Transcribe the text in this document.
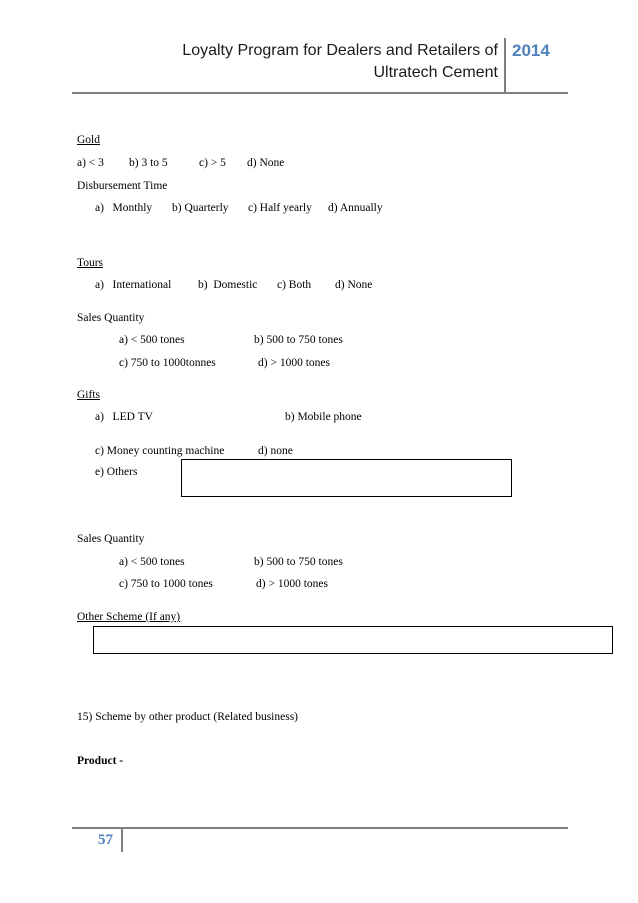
Loyalty Program for Dealers and Retailers of
Ultratech Cement
2014
Gold
a) < 3 b) 3 to 5	c) > 5 d) None
Disbursement Time
a)   Monthly b) Quarterly c) Half yearly d) Annually
Tours
a)   International b)  Domestic c) Both d) None
Sales Quantity
a) < 500 tones	b) 500 to 750 tones
c) 750 to 1000tonnes	d) > 1000 tones
Gifts
a)   LED TV	b) Mobile phone
c) Money counting machine	d) none
e) Others
Sales Quantity
a) < 500 tones	b) 500 to 750 tones
c) 750 to 1000 tones	d) > 1000 tones
Other Scheme (If any)
15) Scheme by other product (Related business)
Product -
57
